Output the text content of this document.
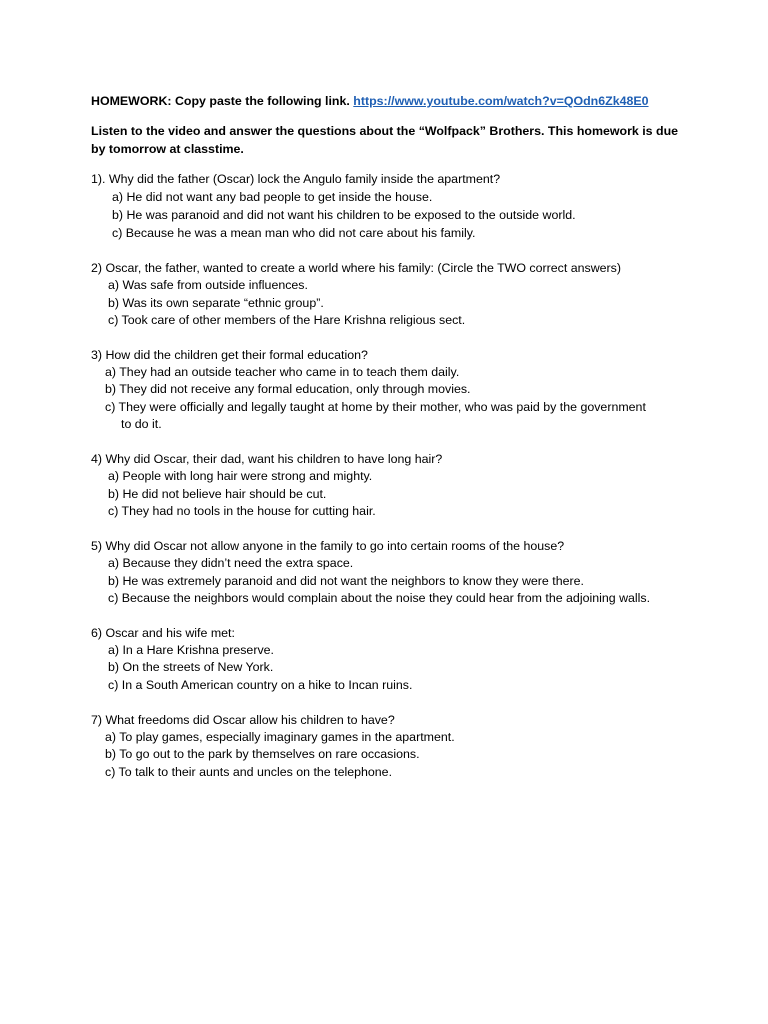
HOMEWORK: Copy paste the following link. https://www.youtube.com/watch?v=QOdn6Zk48E0
Listen to the video and answer the questions about the “Wolfpack” Brothers. This homework is due
by tomorrow at classtime.
1). Why did the father (Oscar) lock the Angulo family inside the apartment?
a) He did not want any bad people to get inside the house.
b) He was paranoid and did not want his children to be exposed to the outside world.
c) Because he was a mean man who did not care about his family.
2) Oscar, the father, wanted to create a world where his family: (Circle the TWO correct answers)
a) Was safe from outside influences.
b) Was its own separate “ethnic group”.
c) Took care of other members of the Hare Krishna religious sect.
3) How did the children get their formal education?
a) They had an outside teacher who came in to teach them daily.
b) They did not receive any formal education, only through movies.
c) They were officially and legally taught at home by their mother, who was paid by the government
to do it.
4) Why did Oscar, their dad, want his children to have long hair?
a) People with long hair were strong and mighty.
b) He did not believe hair should be cut.
c) They had no tools in the house for cutting hair.
5) Why did Oscar not allow anyone in the family to go into certain rooms of the house?
a) Because they didn’t need the extra space.
b) He was extremely paranoid and did not want the neighbors to know they were there.
c) Because the neighbors would complain about the noise they could hear from the adjoining walls.
6) Oscar and his wife met:
a) In a Hare Krishna preserve.
b) On the streets of New York.
c) In a South American country on a hike to Incan ruins.
7) What freedoms did Oscar allow his children to have?
a) To play games, especially imaginary games in the apartment.
b) To go out to the park by themselves on rare occasions.
c) To talk to their aunts and uncles on the telephone.
